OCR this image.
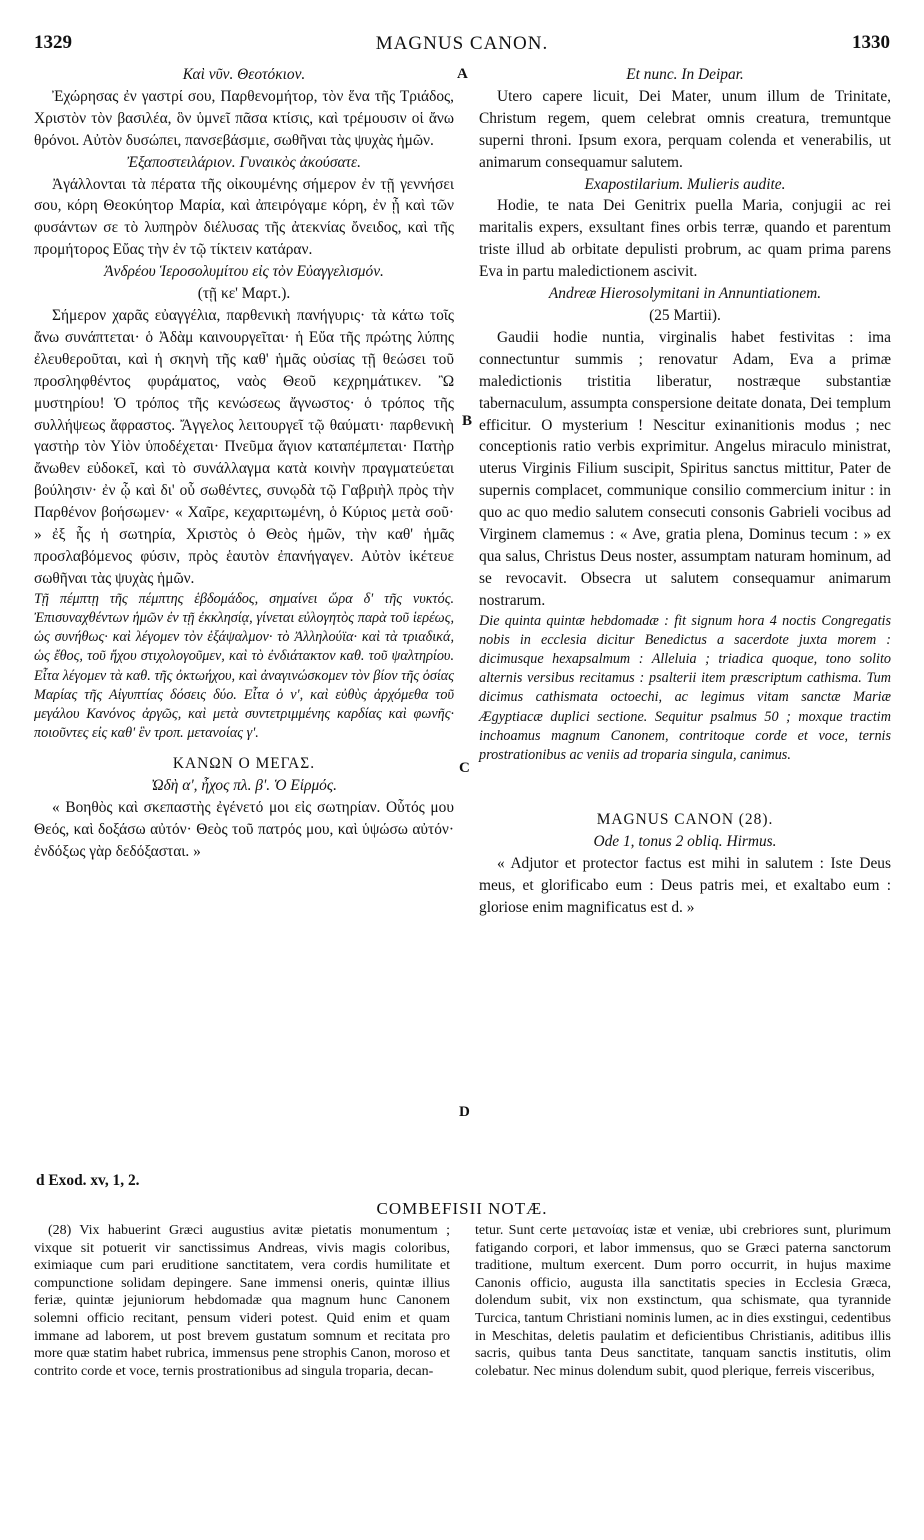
1329	MAGNUS CANON.	1330
A
B
C
D

Καὶ νῦν. Θεοτόκιον.

Ἐχώρησας ἐν γαστρί σου, Παρθενομήτορ, τὸν ἕνα τῆς Τριάδος, Χριστὸν τὸν βασιλέα, ὃν ὑμνεῖ πᾶσα κτίσις, καὶ τρέμουσιν οἱ ἄνω θρόνοι. Αὐτὸν δυσώπει, πανσεβάσμιε, σωθῆναι τὰς ψυχὰς ἡμῶν.

Ἐξαποστειλάριον. Γυναικὸς ἀκούσατε.

Ἀγάλλονται τὰ πέρατα τῆς οἰκουμένης σήμερον ἐν τῇ γεννήσει σου, κόρη Θεοκύητορ Μαρία, καὶ ἀπειρόγαμε κόρη, ἐν ᾗ καὶ τῶν φυσάντων σε τὸ λυπηρὸν διέλυσας τῆς ἀτεκνίας ὄνειδος, καὶ τῆς προμήτορος Εὔας τὴν ἐν τῷ τίκτειν κατάραν.

Ἀνδρέου Ἱεροσολυμίτου εἰς τὸν Εὐαγγελισμόν.

(τῇ κε' Μαρτ.).

Σήμερον χαρᾶς εὐαγγέλια, παρθενικὴ πανήγυρις· τὰ κάτω τοῖς ἄνω συνάπτεται· ὁ Ἀδὰμ καινουργεῖται· ἡ Εὔα τῆς πρώτης λύπης ἐλευθεροῦται, καὶ ἡ σκηνὴ τῆς καθ' ἡμᾶς οὐσίας τῇ θεώσει τοῦ προσληφθέντος φυράματος, ναὸς Θεοῦ κεχρημάτικεν. Ὢ μυστηρίου! Ὁ τρόπος τῆς κενώσεως ἄγνωστος· ὁ τρόπος τῆς συλλήψεως ἄφραστος. Ἄγγελος λειτουργεῖ τῷ θαύματι· παρθενικὴ γαστὴρ τὸν Υἱὸν ὑποδέχεται· Πνεῦμα ἅγιον καταπέμπεται· Πατὴρ ἄνωθεν εὐδοκεῖ, καὶ τὸ συνάλλαγμα κατὰ κοινὴν πραγματεύεται βούλησιν· ἐν ᾧ καὶ δι' οὗ σωθέντες, συνῳδὰ τῷ Γαβριὴλ πρὸς τὴν Παρθένον βοήσωμεν· « Χαῖρε, κεχαριτωμένη, ὁ Κύριος μετὰ σοῦ· » ἐξ ἧς ἡ σωτηρία, Χριστὸς ὁ Θεὸς ἡμῶν, τὴν καθ' ἡμᾶς προσλαβόμενος φύσιν, πρὸς ἑαυτὸν ἐπανήγαγεν. Αὐτὸν ἱκέτευε σωθῆναι τὰς ψυχὰς ἡμῶν.

Τῇ πέμπτῃ τῆς πέμπτης ἑβδομάδος, σημαίνει ὥρα δ' τῆς νυκτός. Ἐπισυναχθέντων ἡμῶν ἐν τῇ ἐκκλησίᾳ, γίνεται εὐλογητὸς παρὰ τοῦ ἱερέως, ὡς συνήθως· καὶ λέγομεν τὸν ἑξάψαλμον· τὸ Ἀλληλούϊα· καὶ τὰ τριαδικά, ὡς ἔθος, τοῦ ἤχου στιχολογοῦμεν, καὶ τὸ ἐνδιάτακτον καθ. τοῦ ψαλτηρίου. Εἶτα λέγομεν τὰ καθ. τῆς ὀκτωήχου, καὶ ἀναγινώσκομεν τὸν βίον τῆς ὁσίας Μαρίας τῆς Αἰγυπτίας δόσεις δύο. Εἶτα ὁ ν', καὶ εὐθὺς ἀρχόμεθα τοῦ μεγάλου Κανόνος ἀργῶς, καὶ μετὰ συντετριμμένης καρδίας καὶ φωνῆς· ποιοῦντες εἰς καθ' ἓν τροπ. μετανοίας γ'.

ΚΑΝΩΝ Ο ΜΕΓΑΣ.

Ὠδὴ α', ἦχος πλ. β'. Ὁ Εἱρμός.

« Βοηθὸς καὶ σκεπαστὴς ἐγένετό μοι εἰς σωτηρίαν. Οὗτός μου Θεός, καὶ δοξάσω αὐτόν· Θεὸς τοῦ πατρός μου, καὶ ὑψώσω αὐτόν· ἐνδόξως γὰρ δεδόξασται. »

Et nunc. In Deipar.

Utero capere licuit, Dei Mater, unum illum de Trinitate, Christum regem, quem celebrat omnis creatura, tremuntque superni throni. Ipsum exora, perquam colenda et venerabilis, ut animarum consequamur salutem.

Exapostilarium. Mulieris audite.

Hodie, te nata Dei Genitrix puella Maria, conjugii ac rei maritalis expers, exsultant fines orbis terræ, quando et parentum triste illud ab orbitate depulisti probrum, ac quam prima parens Eva in partu maledictionem ascivit.

Andreæ Hierosolymitani in Annuntiationem.

(25 Martii).

Gaudii hodie nuntia, virginalis habet festivitas : ima connectuntur summis ; renovatur Adam, Eva a primæ maledictionis tristitia liberatur, nostræque substantiæ tabernaculum, assumpta conspersione deitate donata, Dei templum efficitur. O mysterium ! Nescitur exinanitionis modus ; nec conceptionis ratio verbis exprimitur. Angelus miraculo ministrat, uterus Virginis Filium suscipit, Spiritus sanctus mittitur, Pater de supernis complacet, communique consilio commercium initur : in quo ac quo medio salutem consecuti consonis Gabrieli vocibus ad Virginem clamemus : « Ave, gratia plena, Dominus tecum : » ex qua salus, Christus Deus noster, assumptam naturam hominum, ad se revocavit. Obsecra ut salutem consequamur animarum nostrarum.

Die quinta quintæ hebdomadæ : fit signum hora 4 noctis Congregatis nobis in ecclesia dicitur Benedictus a sacerdote juxta morem : dicimusque hexapsalmum : Alleluia ; triadica quoque, tono solito alternis versibus recitamus : psalterii item præscriptum cathisma. Tum dicimus cathismata octoechi, ac legimus vitam sanctæ Mariæ Ægyptiacæ duplici sectione. Sequitur psalmus 50 ; moxque tractim inchoamus magnum Canonem, contritoque corde et voce, ternis prostrationibus ac veniis ad troparia singula, canimus.

MAGNUS CANON (28).

Ode 1, tonus 2 obliq. Hirmus.

« Adjutor et protector factus est mihi in salutem : Iste Deus meus, et glorificabo eum : Deus patris mei, et exaltabo eum : gloriose enim magnificatus est d. »

d Exod. xv, 1, 2.
COMBEFISII NOTÆ.

(28) Vix habuerint Græci augustius avitæ pietatis monumentum ; vixque sit potuerit vir sanctissimus Andreas, vivis magis coloribus, eximiaque cum pari eruditione sanctitatem, vera cordis humilitate et compunctione solidam depingere. Sane immensi oneris, quintæ illius feriæ, quintæ jejuniorum hebdomadæ qua magnum hunc Canonem solemni officio recitant, pensum videri potest. Quid enim et quam immane ad laborem, ut post brevem gustatum somnum et recitata pro more quæ statim habet rubrica, immensus pene strophis Canon, moroso et contrito corde et voce, ternis prostrationibus ad singula troparia, decan-

tetur. Sunt certe μετανοίας istæ et veniæ, ubi crebriores sunt, plurimum fatigando corpori, et labor immensus, quo se Græci paterna sanctorum traditione, multum exercent. Dum porro occurrit, in hujus maxime Canonis officio, augusta illa sanctitatis species in Ecclesia Græca, dolendum subit, vix non exstinctum, qua schismate, qua tyrannide Turcica, tantum Christiani nominis lumen, ac in dies exstingui, cedentibus in Meschitas, deletis paulatim et deficientibus Christianis, aditibus illis sacris, quibus tanta Deus sanctitate, tanquam sanctis institutis, olim colebatur. Nec minus dolendum subit, quod plerique, ferreis visceribus,
